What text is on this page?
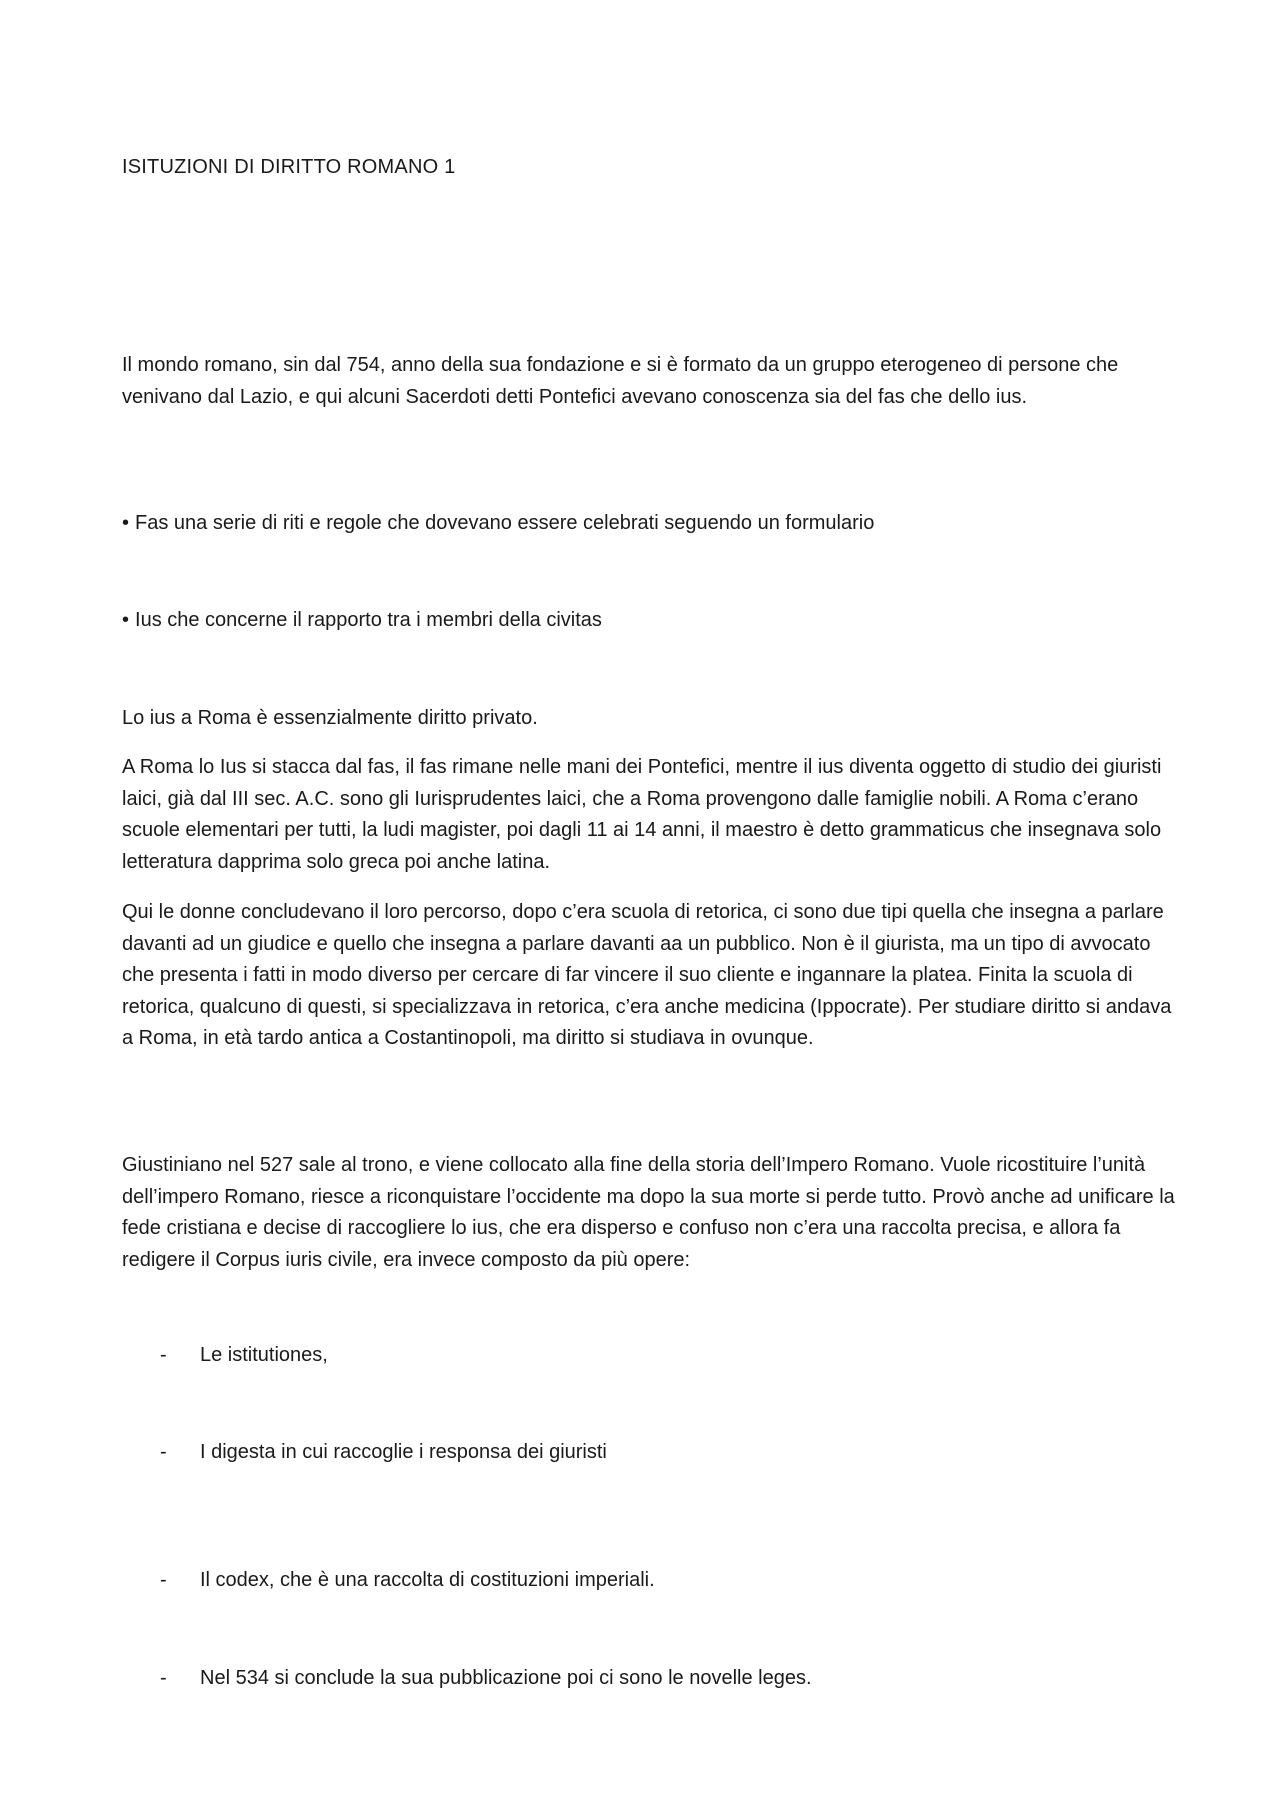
ISITUZIONI DI DIRITTO ROMANO 1

Il mondo romano, sin dal 754, anno della sua fondazione e si è formato da un gruppo eterogeneo di persone che venivano dal Lazio, e qui alcuni Sacerdoti detti Pontefici avevano conoscenza sia del fas che dello ius.

• Fas una serie di riti e regole che dovevano essere celebrati seguendo un formulario

• Ius che concerne il rapporto tra i membri della civitas

Lo ius a Roma è essenzialmente diritto privato.

A Roma lo Ius si stacca dal fas, il fas rimane nelle mani dei Pontefici, mentre il ius diventa oggetto di studio dei giuristi laici, già dal III sec. A.C. sono gli Iurisprudentes laici, che a Roma provengono dalle famiglie nobili. A Roma c’erano scuole elementari per tutti, la ludi magister, poi dagli 11 ai 14 anni, il maestro è detto grammaticus che insegnava solo letteratura dapprima solo greca poi anche latina.

Qui le donne concludevano il loro percorso, dopo c’era scuola di retorica, ci sono due tipi quella che insegna a parlare davanti ad un giudice e quello che insegna a parlare davanti aa un pubblico. Non è il giurista, ma un tipo di avvocato che presenta i fatti in modo diverso per cercare di far vincere il suo cliente e ingannare la platea. Finita la scuola di retorica, qualcuno di questi, si specializzava in retorica, c’era anche medicina (Ippocrate). Per studiare diritto si andava a Roma, in età tardo antica a Costantinopoli, ma diritto si studiava in ovunque.

Giustiniano nel 527 sale al trono, e viene collocato alla fine della storia dell’Impero Romano. Vuole ricostituire l’unità dell’impero Romano, riesce a riconquistare l’occidente ma dopo la sua morte si perde tutto. Provò anche ad unificare la fede cristiana e decise di raccogliere lo ius, che era disperso e confuso non c’era una raccolta precisa, e allora fa redigere il Corpus iuris civile, era invece composto da più opere:

- Le istitutiones,

- I digesta in cui raccoglie i responsa dei giuristi

- Il codex, che è una raccolta di costituzioni imperiali.

- Nel 534 si conclude la sua pubblicazione poi ci sono le novelle leges.
